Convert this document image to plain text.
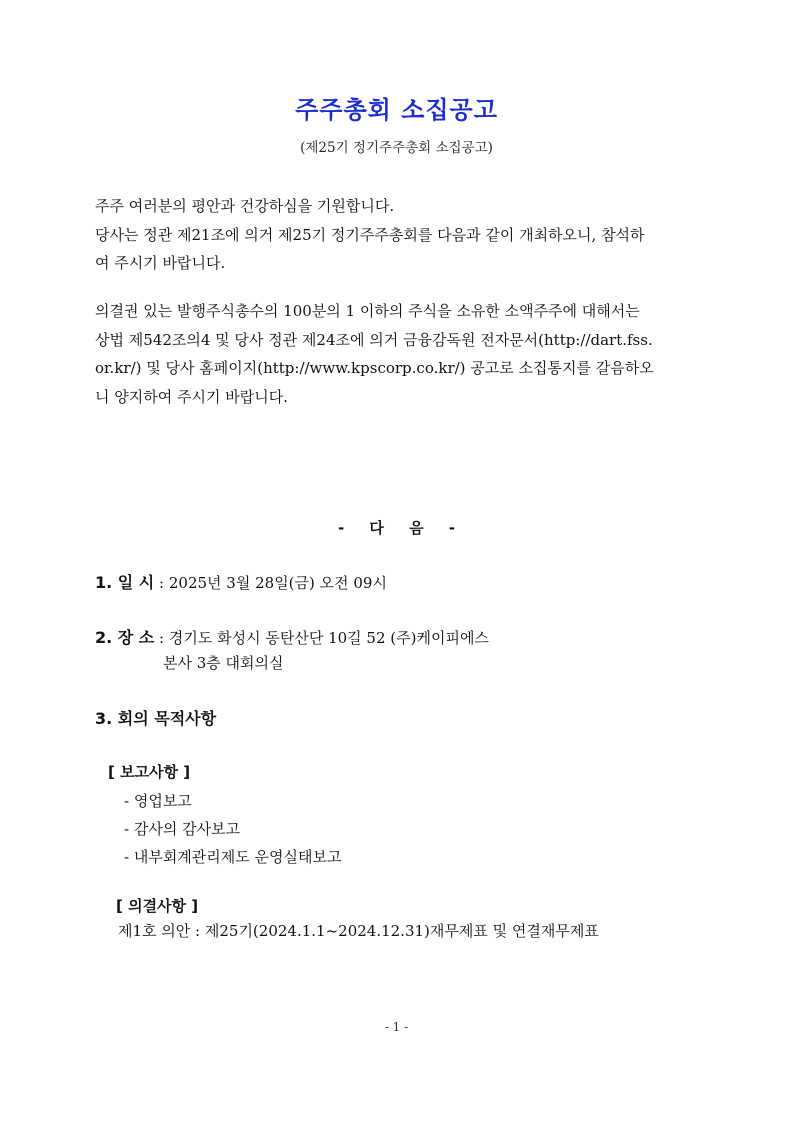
주주총회 소집공고
(제25기 정기주주총회 소집공고)
주주 여러분의 평안과 건강하심을 기원합니다.
당사는 정관 제21조에 의거 제25기 정기주주총회를 다음과 같이 개최하오니, 참석하
여 주시기 바랍니다.
의결권 있는 발행주식총수의 100분의 1 이하의 주식을 소유한 소액주주에 대해서는
상법 제542조의4 및 당사 정관 제24조에 의거 금융감독원 전자문서(http://dart.fss.
or.kr/) 및 당사 홈페이지(http://www.kpscorp.co.kr/) 공고로 소집통지를 갈음하오
니 양지하여 주시기 바랍니다.
- 다 음 -
1. 일 시 : 2025년 3월 28일(금) 오전 09시
2. 장 소 : 경기도 화성시 동탄산단 10길 52 (주)케이피에스
본사 3층 대회의실
3. 회의 목적사항
[ 보고사항 ]
- 영업보고
- 감사의 감사보고
- 내부회계관리제도 운영실태보고
[ 의결사항 ]
제1호 의안 : 제25기(2024.1.1~2024.12.31)재무제표 및 연결재무제표
- 1 -
